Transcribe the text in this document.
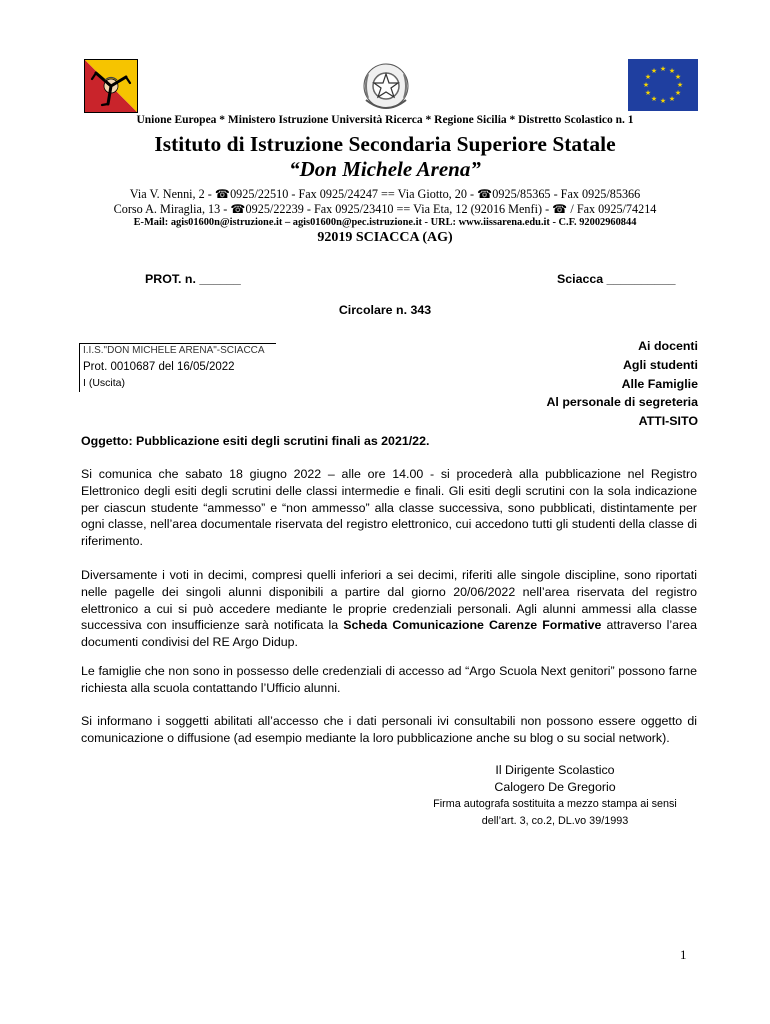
★ ★
★
★
★
★
★
★
★
★
★
★
Unione Europea * Ministero Istruzione Università Ricerca * Regione Sicilia * Distretto Scolastico n. 1
Istituto di Istruzione Secondaria Superiore Statale
“Don Michele Arena”
Via V. Nenni, 2 - ☎0925/22510 - Fax 0925/24247 == Via Giotto, 20 - ☎0925/85365 - Fax 0925/85366
Corso A. Miraglia, 13 - ☎0925/22239 - Fax 0925/23410 == Via Eta, 12 (92016 Menfi) - ☎ / Fax 0925/74214
E-Mail: agis01600n@istruzione.it – agis01600n@pec.istruzione.it - URL: www.iissarena.edu.it - C.F. 92002960844
92019 SCIACCA (AG)
PROT. n. ______	Sciacca __________
Circolare n. 343
I.I.S."DON MICHELE ARENA"-SCIACCA
Prot. 0010687 del 16/05/2022
I (Uscita)
Ai docenti
Agli studenti
Alle Famiglie
Al personale di segreteria
ATTI-SITO
Oggetto: Pubblicazione esiti degli scrutini finali as 2021/22.

Si comunica che sabato 18 giugno 2022 – alle ore 14.00 - si procederà alla pubblicazione nel Registro Elettronico degli esiti degli scrutini delle classi intermedie e finali. Gli esiti degli scrutini con la sola indicazione per ciascun studente “ammesso” e “non ammesso” alla classe successiva, sono pubblicati, distintamente per ogni classe, nell’area documentale riservata del registro elettronico, cui accedono tutti gli studenti della classe di riferimento.

Diversamente i voti in decimi, compresi quelli inferiori a sei decimi, riferiti alle singole discipline, sono riportati nelle pagelle dei singoli alunni disponibili a partire dal giorno 20/06/2022 nell’area riservata del registro elettronico a cui si può accedere mediante le proprie credenziali personali. Agli alunni ammessi alla classe successiva con insufficienze sarà notificata la Scheda Comunicazione Carenze Formative attraverso l’area documenti condivisi del RE Argo Didup.

Le famiglie che non sono in possesso delle credenziali di accesso ad “Argo Scuola Next genitori” possono farne richiesta alla scuola contattando l’Ufficio alunni.

Si informano i soggetti abilitati all’accesso che i dati personali ivi consultabili non possono essere oggetto di comunicazione o diffusione (ad esempio mediante la loro pubblicazione anche su blog o su social network).

Il Dirigente Scolastico
Calogero De Gregorio
Firma autografa sostituita a mezzo stampa ai sensi
dell’art. 3, co.2, DL.vo 39/1993
1
